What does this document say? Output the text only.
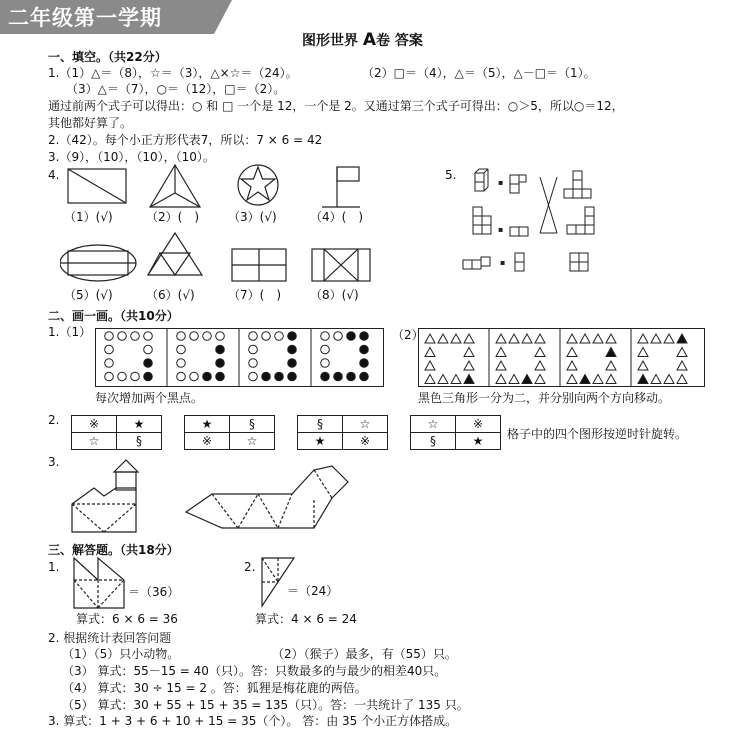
二年级第一学期
图形世界 A卷 答案
一、填空。（共22分）
1.（1）△＝（8），☆＝（3），△×☆＝（24）。	（2）□＝（4），△＝（5），△－□＝（1）。
（3）△＝（7），○＝（12），□＝（2）。
通过前两个式子可以得出：○ 和 □ 一个是 12，一个是 2。又通过第三个式子可得出：○＞5，所以○＝12，
其他都好算了。
2.（42）。每个小正方形代表7，所以：7 × 6 = 42
3.（9），（10），（10），（10）。
4.	5.
（1）(√)	（2）(　) （3）(√)	（4）(　)
（5）(√)	（6）(√)	（7）(　) （8）(√)
▪
▪
▪
二、画一画。（共10分）
1.（1）	（2）
每次增加两个黑点。	黑色三角形一分为二，并分别向两个方向移动。
2. ※	★
☆	§
★	§
※	☆
§	☆
★	※
☆	※
§	★ 格子中的四个图形按逆时针旋转。
3.
三、解答题。（共18分）
1.
＝（36）
算式：6 × 6 = 36
2.
＝（24）
算式：4 × 6 = 24
2. 根据统计表回答问题
（1）（5）只小动物。	（2）（猴子）最多，有（55）只。
（3） 算式：55－15 = 40（只）。答：只数最多的与最少的相差40只。
（4） 算式：30 ÷ 15 = 2 。答：狐狸是梅花鹿的两倍。
（5） 算式：30 + 55 + 15 + 35 = 135（只）。答：一共统计了 135 只。
3. 算式：1 + 3 + 6 + 10 + 15 = 35（个）。 答：由 35 个小正方体搭成。
